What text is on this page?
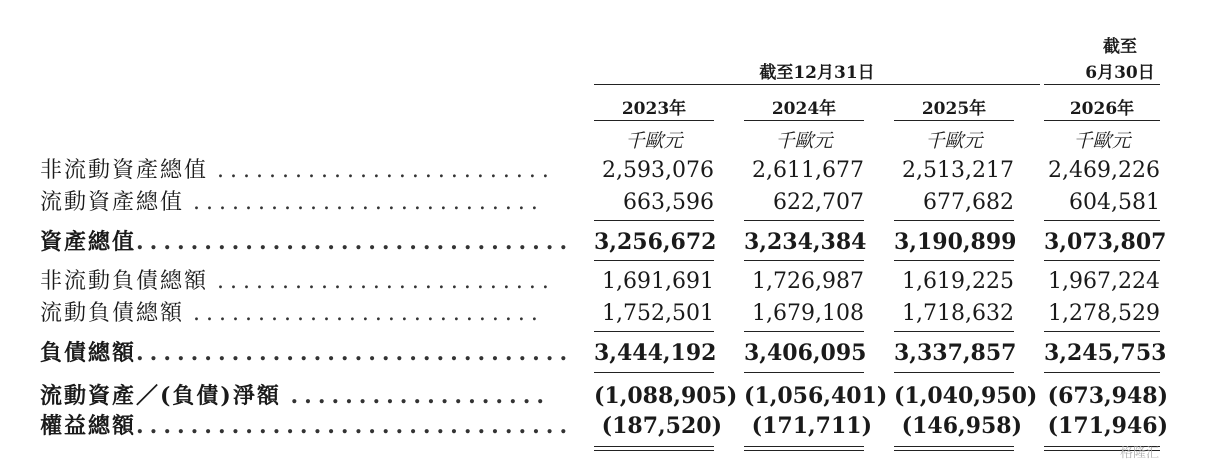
截至12月31日
截至
6月30日
2023年	2024年	2025年	2026年
千歐元	千歐元	千歐元	千歐元
非流動資產總值 ..........................	2,593,076	2,611,677	2,513,217 2,469,226
流動資產總值 ...........................	663,596	622,707	677,682	604,581
資產總值................................ 3,256,672 3,234,384 3,190,899 3,073,807
非流動負債總額 ..........................	1,691,691	1,726,987	1,619,225 1,967,224
流動負債總額 ...........................	1,752,501	1,679,108	1,718,632 1,278,529
負債總額................................ 3,444,192 3,406,095 3,337,857 3,245,753
流動資產／(負債)淨額 ...................	(1,088,905) (1,056,401) (1,040,950) (673,948)
權益總額................................	(187,520)	(171,711)	(146,958) (171,946)
格隆汇
